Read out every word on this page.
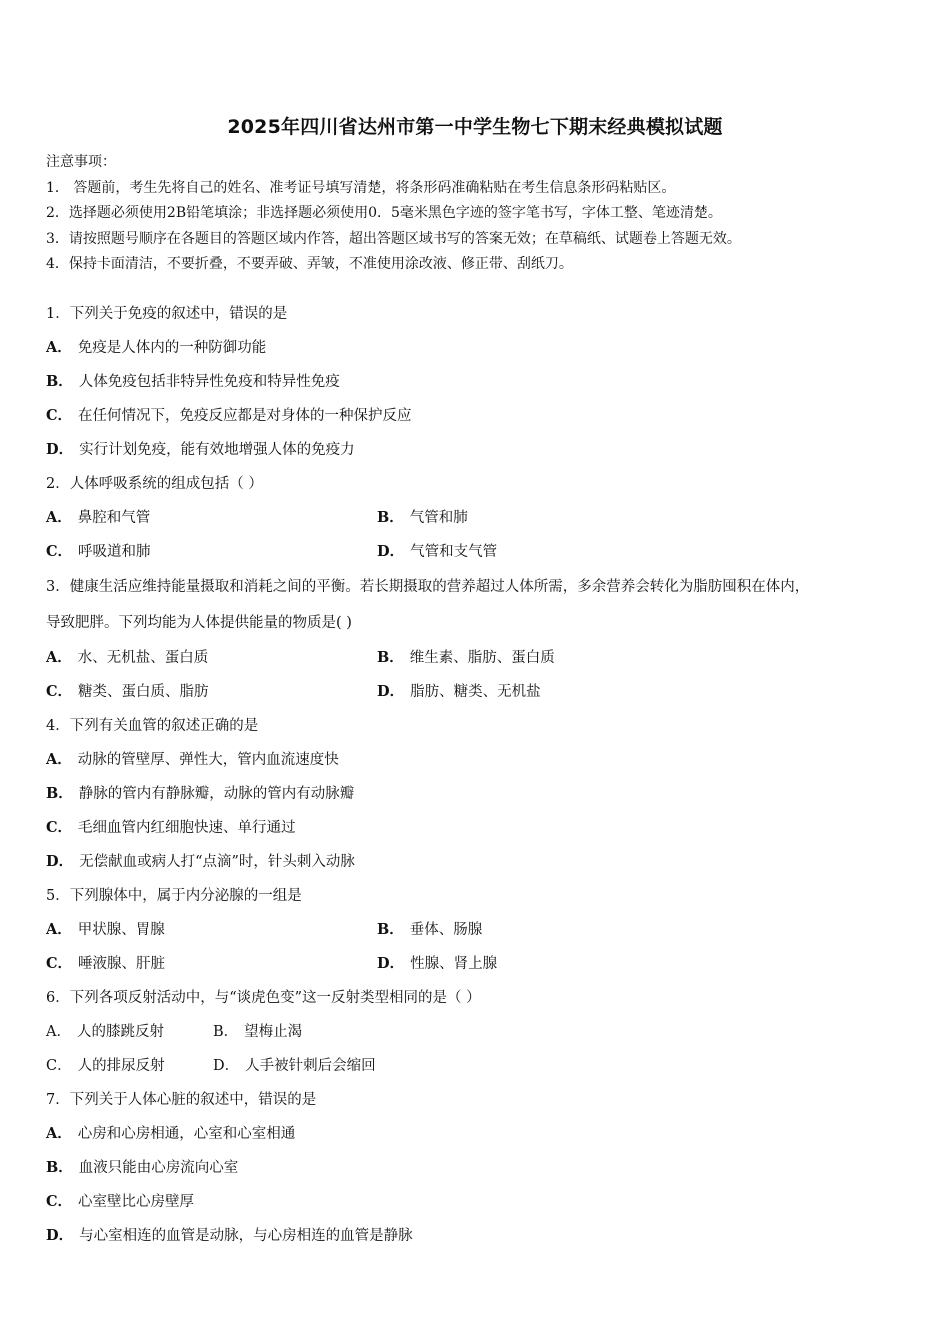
2025年四川省达州市第一中学生物七下期末经典模拟试题
注意事项：
1． 答题前，考生先将自己的姓名、准考证号填写清楚，将条形码准确粘贴在考生信息条形码粘贴区。
2．选择题必须使用2B铅笔填涂；非选择题必须使用0．5毫米黑色字迹的签字笔书写，字体工整、笔迹清楚。
3．请按照题号顺序在各题目的答题区域内作答，超出答题区域书写的答案无效；在草稿纸、试题卷上答题无效。
4．保持卡面清洁，不要折叠，不要弄破、弄皱，不准使用涂改液、修正带、刮纸刀。
1．下列关于免疫的叙述中，错误的是
A． 免疫是人体内的一种防御功能
B． 人体免疫包括非特异性免疫和特异性免疫
C． 在任何情况下，免疫反应都是对身体的一种保护反应
D． 实行计划免疫，能有效地增强人体的免疫力
2．人体呼吸系统的组成包括（ ）
A． 鼻腔和气管	B． 气管和肺
C． 呼吸道和肺	D． 气管和支气管
3．健康生活应维持能量摄取和消耗之间的平衡。若长期摄取的营养超过人体所需，多余营养会转化为脂肪囤积在体内，
导致肥胖。下列均能为人体提供能量的物质是( )
A． 水、无机盐、蛋白质	B． 维生素、脂肪、蛋白质
C． 糖类、蛋白质、脂肪	D． 脂肪、糖类、无机盐
4．下列有关血管的叙述正确的是
A． 动脉的管壁厚、弹性大，管内血流速度快
B． 静脉的管内有静脉瓣，动脉的管内有动脉瓣
C． 毛细血管内红细胞快速、单行通过
D． 无偿献血或病人打“点滴”时，针头刺入动脉
5．下列腺体中，属于内分泌腺的一组是
A． 甲状腺、胃腺	B． 垂体、肠腺
C． 唾液腺、肝脏	D． 性腺、肾上腺
6．下列各项反射活动中，与“谈虎色变”这一反射类型相同的是（ ）
A． 人的膝跳反射	B． 望梅止渴
C． 人的排尿反射	D． 人手被针刺后会缩回
7．下列关于人体心脏的叙述中，错误的是
A． 心房和心房相通，心室和心室相通
B． 血液只能由心房流向心室
C． 心室壁比心房壁厚
D． 与心室相连的血管是动脉，与心房相连的血管是静脉
